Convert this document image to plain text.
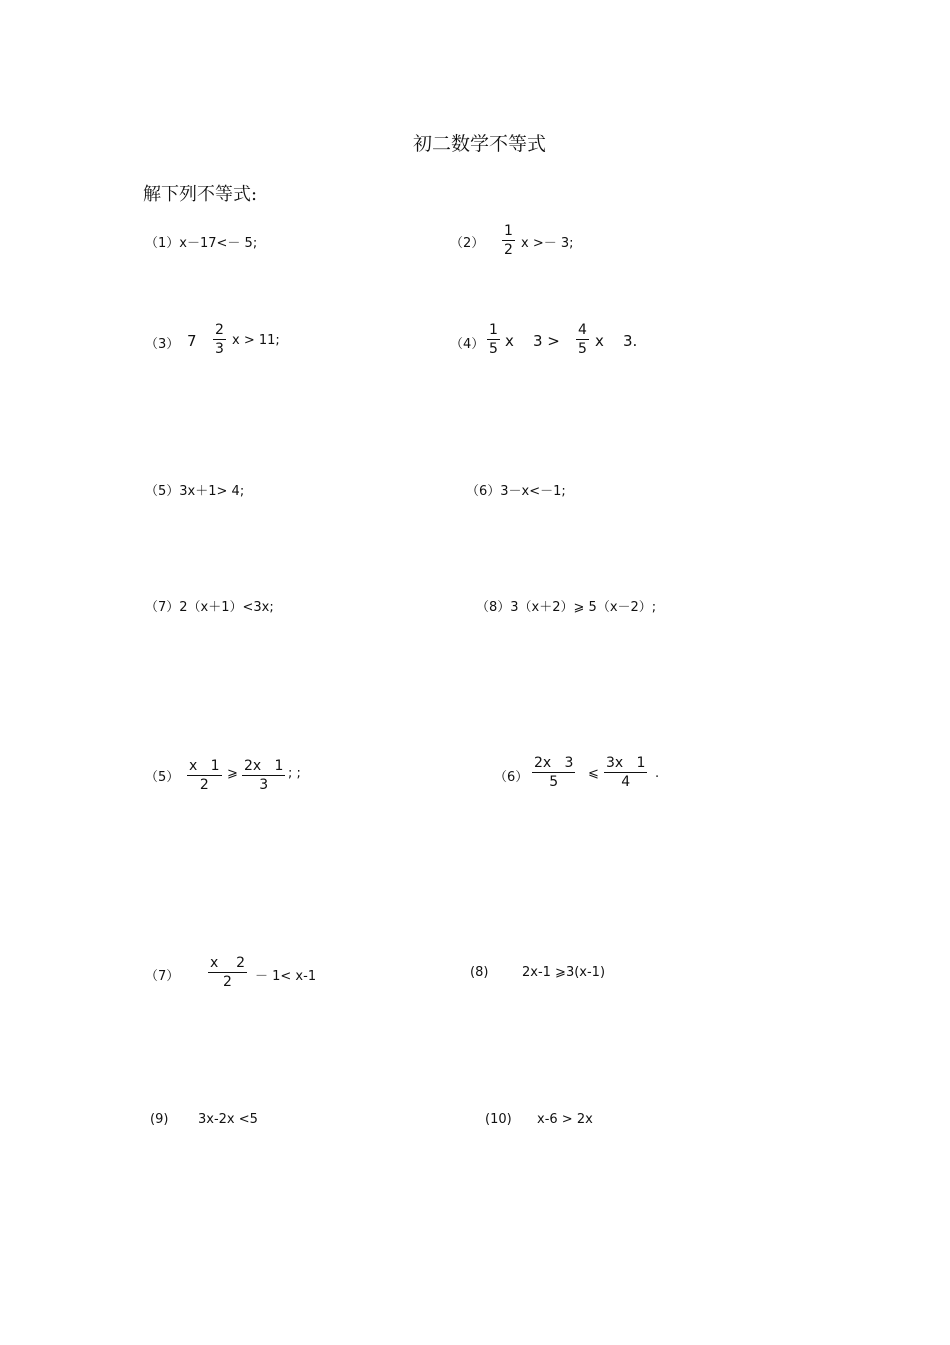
初二数学不等式
解下列不等式:
（1）x－17<－ 5;	$(2) \frac{1}{2}$ x >－ 3;
（3） $7 \frac{2}{3}$ x > 11;	$(4) \frac{1}{5}$ x    $3 > \frac{4}{5}$ x    3.
（5）3x＋1> 4;	（6）3－x<－1;
（7）2（x＋1）<3x;	（8）3（x＋2）⩾ 5（x－2）;
$(5) \frac{x 1}{2}$ ⩾ $\frac{2x 1}{3}$ ; ;	$(6) \frac{2x 3}{5}$ ⩽ $\frac{3x 1}{4}$ .
$(7) \frac{x 2}{2} - 1< x-1$	(8)	2x-1 ⩾3(x-1)
(9) 3x-2x <5	(10) x-6 > 2x
